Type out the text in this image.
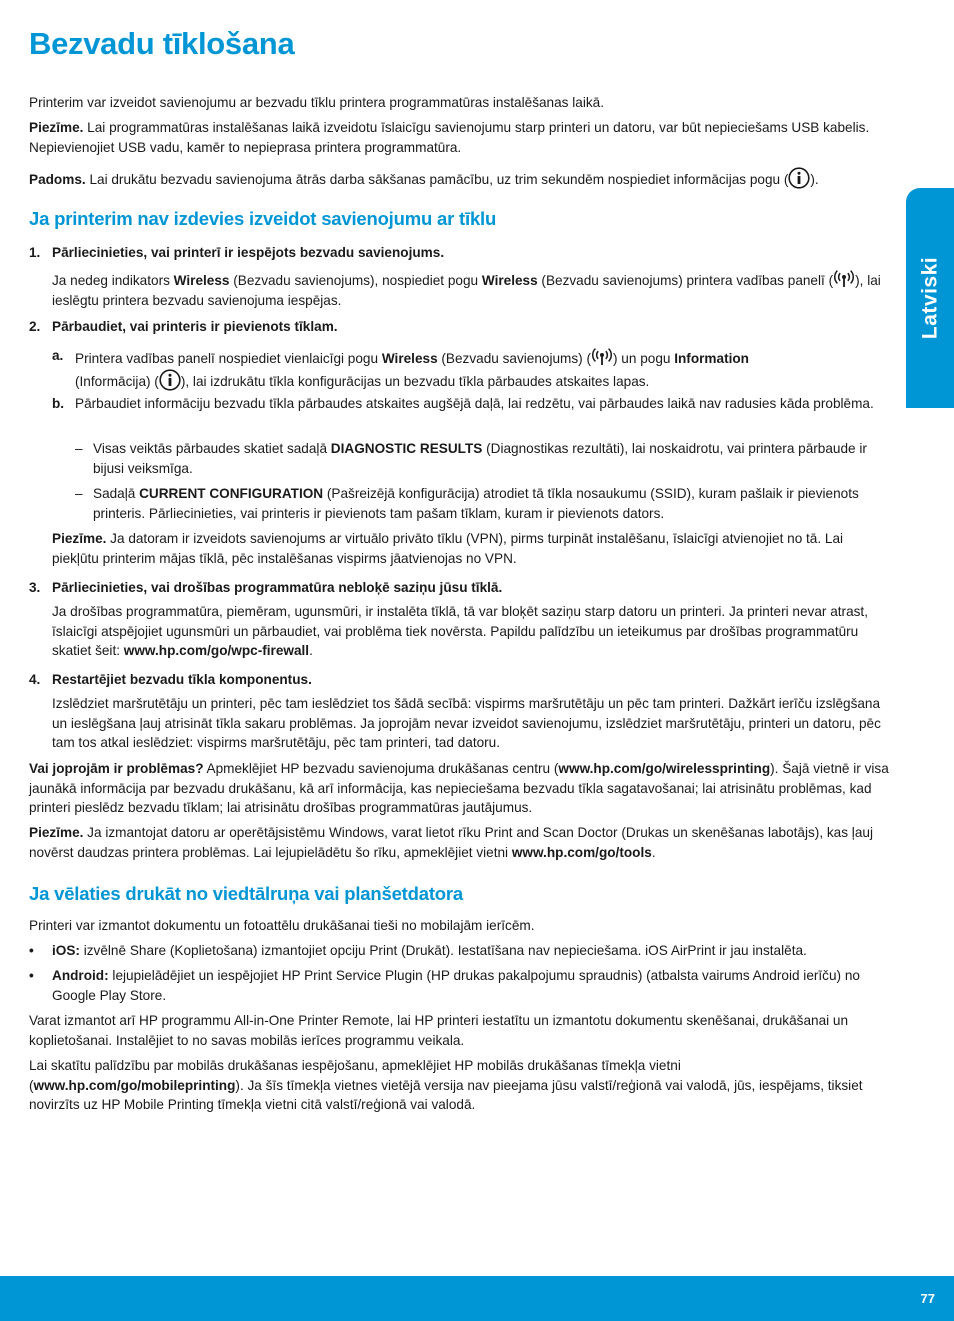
Bezvadu tīklošana
Latviski

Printerim var izveidot savienojumu ar bezvadu tīklu printera programmatūras instalēšanas laikā.

Piezīme. Lai programmatūras instalēšanas laikā izveidotu īslaicīgu savienojumu starp printeri un datoru, var būt nepieciešams USB kabelis. Nepievienojiet USB vadu, kamēr to nepieprasa printera programmatūra.

Padoms. Lai drukātu bezvadu savienojuma ātrās darba sākšanas pamācību, uz trim sekundēm nospiediet informācijas pogu ( ).

Ja printerim nav izdevies izveidot savienojumu ar tīklu
1. Pārliecinieties, vai printerī ir iespējots bezvadu savienojums.

Ja nedeg indikators Wireless (Bezvadu savienojums), nospiediet pogu Wireless (Bezvadu savienojums) printera vadības panelī ( ), lai ieslēgtu printera bezvadu savienojuma iespējas.

2. Pārbaudiet, vai printeris ir pievienots tīklam.
a. Printera vadības panelī nospiediet vienlaicīgi pogu Wireless (Bezvadu savienojums) ( ) un pogu Information
(Informācija) ( ), lai izdrukātu tīkla konfigurācijas un bezvadu tīkla pārbaudes atskaites lapas.

b. Pārbaudiet informāciju bezvadu tīkla pārbaudes atskaites augšējā daļā, lai redzētu, vai pārbaudes laikā nav radusies kāda problēma.

– Visas veiktās pārbaudes skatiet sadaļā DIAGNOSTIC RESULTS (Diagnostikas rezultāti), lai noskaidrotu, vai printera pārbaude ir bijusi veiksmīga.

– Sadaļā CURRENT CONFIGURATION (Pašreizējā konfigurācija) atrodiet tā tīkla nosaukumu (SSID), kuram pašlaik ir pievienots printeris. Pārliecinieties, vai printeris ir pievienots tam pašam tīklam, kuram ir pievienots dators.

Piezīme. Ja datoram ir izveidots savienojums ar virtuālo privāto tīklu (VPN), pirms turpināt instalēšanu, īslaicīgi atvienojiet no tā. Lai piekļūtu printerim mājas tīklā, pēc instalēšanas vispirms jāatvienojas no VPN.

3. Pārliecinieties, vai drošības programmatūra nebloķē saziņu jūsu tīklā.

Ja drošības programmatūra, piemēram, ugunsmūri, ir instalēta tīklā, tā var bloķēt saziņu starp datoru un printeri. Ja printeri nevar atrast, īslaicīgi atspējojiet ugunsmūri un pārbaudiet, vai problēma tiek novērsta. Papildu palīdzību un ieteikumus par drošības programmatūru skatiet šeit: www.hp.com/go/wpc-firewall.

4. Restartējiet bezvadu tīkla komponentus.

Izslēdziet maršrutētāju un printeri, pēc tam ieslēdziet tos šādā secībā: vispirms maršrutētāju un pēc tam printeri. Dažkārt ierīču izslēgšana un ieslēgšana ļauj atrisināt tīkla sakaru problēmas. Ja joprojām nevar izveidot savienojumu, izslēdziet maršrutētāju, printeri un datoru, pēc tam tos atkal ieslēdziet: vispirms maršrutētāju, pēc tam printeri, tad datoru.

Vai joprojām ir problēmas? Apmeklējiet HP bezvadu savienojuma drukāšanas centru (www.hp.com/go/wirelessprinting). Šajā vietnē ir visa jaunākā informācija par bezvadu drukāšanu, kā arī informācija, kas nepieciešama bezvadu tīkla sagatavošanai; lai atrisinātu problēmas, kad printeri pieslēdz bezvadu tīklam; lai atrisinātu drošības programmatūras jautājumus.

Piezīme. Ja izmantojat datoru ar operētājsistēmu Windows, varat lietot rīku Print and Scan Doctor (Drukas un skenēšanas labotājs), kas ļauj novērst daudzas printera problēmas. Lai lejupielādētu šo rīku, apmeklējiet vietni www.hp.com/go/tools.

Ja vēlaties drukāt no viedtālruņa vai planšetdatora

Printeri var izmantot dokumentu un fotoattēlu drukāšanai tieši no mobilajām ierīcēm.

• iOS: izvēlnē Share (Koplietošana) izmantojiet opciju Print (Drukāt). Iestatīšana nav nepieciešama. iOS AirPrint ir jau instalēta.

• Android: lejupielādējiet un iespējojiet HP Print Service Plugin (HP drukas pakalpojumu spraudnis) (atbalsta vairums Android ierīču) no Google Play Store.

Varat izmantot arī HP programmu All-in-One Printer Remote, lai HP printeri iestatītu un izmantotu dokumentu skenēšanai, drukāšanai un koplietošanai. Instalējiet to no savas mobilās ierīces programmu veikala.

Lai skatītu palīdzību par mobilās drukāšanas iespējošanu, apmeklējiet HP mobilās drukāšanas tīmekļa vietni (www.hp.com/go/mobileprinting). Ja šīs tīmekļa vietnes vietējā versija nav pieejama jūsu valstī/reģionā vai valodā, jūs, iespējams, tiksiet novirzīts uz HP Mobile Printing tīmekļa vietni citā valstī/reģionā vai valodā.

77
